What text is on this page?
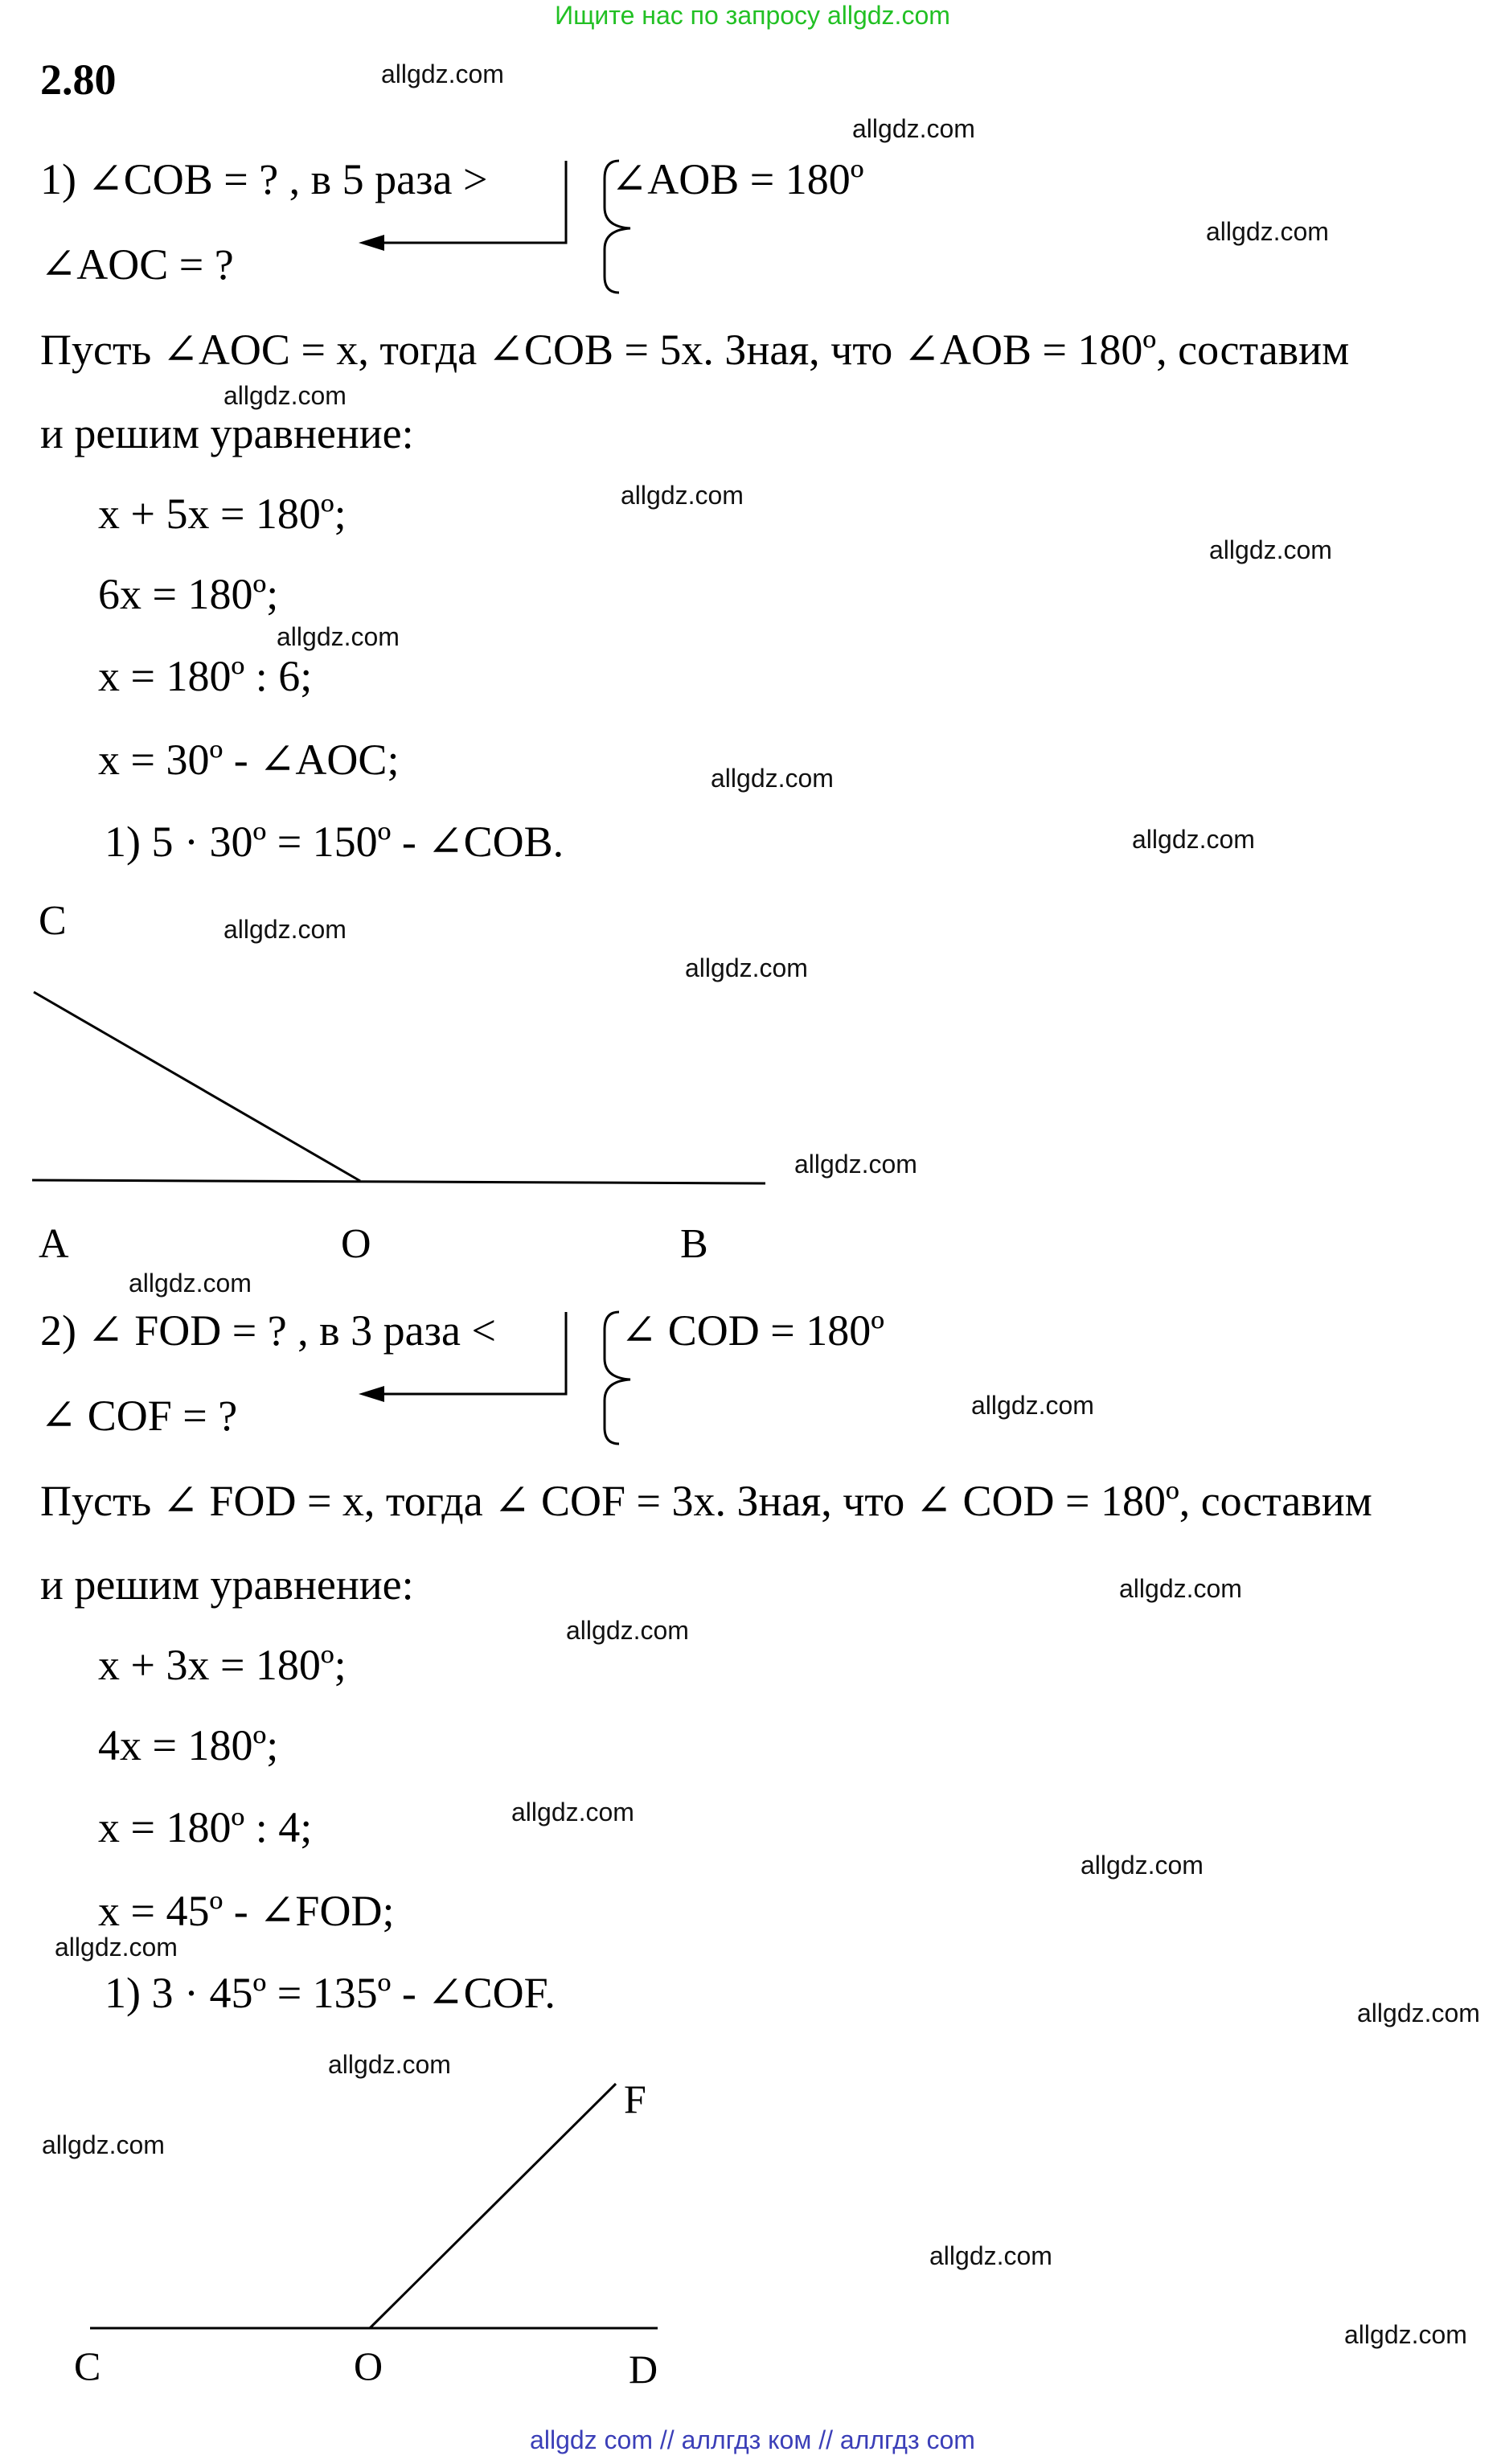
Ищите нас по запросу allgdz.com
2.80
1) ∠COB = ? , в 5 раза >	∠AOB = 180º
∠AOC = ?
Пусть ∠AOC = x, тогда ∠COB = 5x. Зная, что ∠AOB = 180º, составим
и решим уравнение:
x + 5x = 180º;
6x = 180º;
x = 180º : 6;
x = 30º - ∠AOC;
1) 5 · 30º = 150º - ∠COB.
C
A	O	B
2) ∠ FOD = ? , в 3 раза <	∠ COD = 180º
∠ COF = ?
Пусть ∠ FOD = x, тогда ∠ COF = 3x. Зная, что ∠ COD = 180º, составим
и решим уравнение:
x + 3x = 180º;
4x = 180º;
x = 180º : 4;
x = 45º - ∠FOD;
1) 3 · 45º = 135º - ∠COF.
F
C	O	D
allgdz.com
allgdz.com
allgdz.com
allgdz.com
allgdz.com
allgdz.com
allgdz.com
allgdz.com
allgdz.com
allgdz.com
allgdz.com
allgdz.com
allgdz.com
allgdz.com
allgdz.com
allgdz.com
allgdz.com
allgdz.com
allgdz.com
allgdz.com
allgdz.com
allgdz.com
allgdz.com
allgdz.com
allgdz com // аллгдз ком // аллгдз com
